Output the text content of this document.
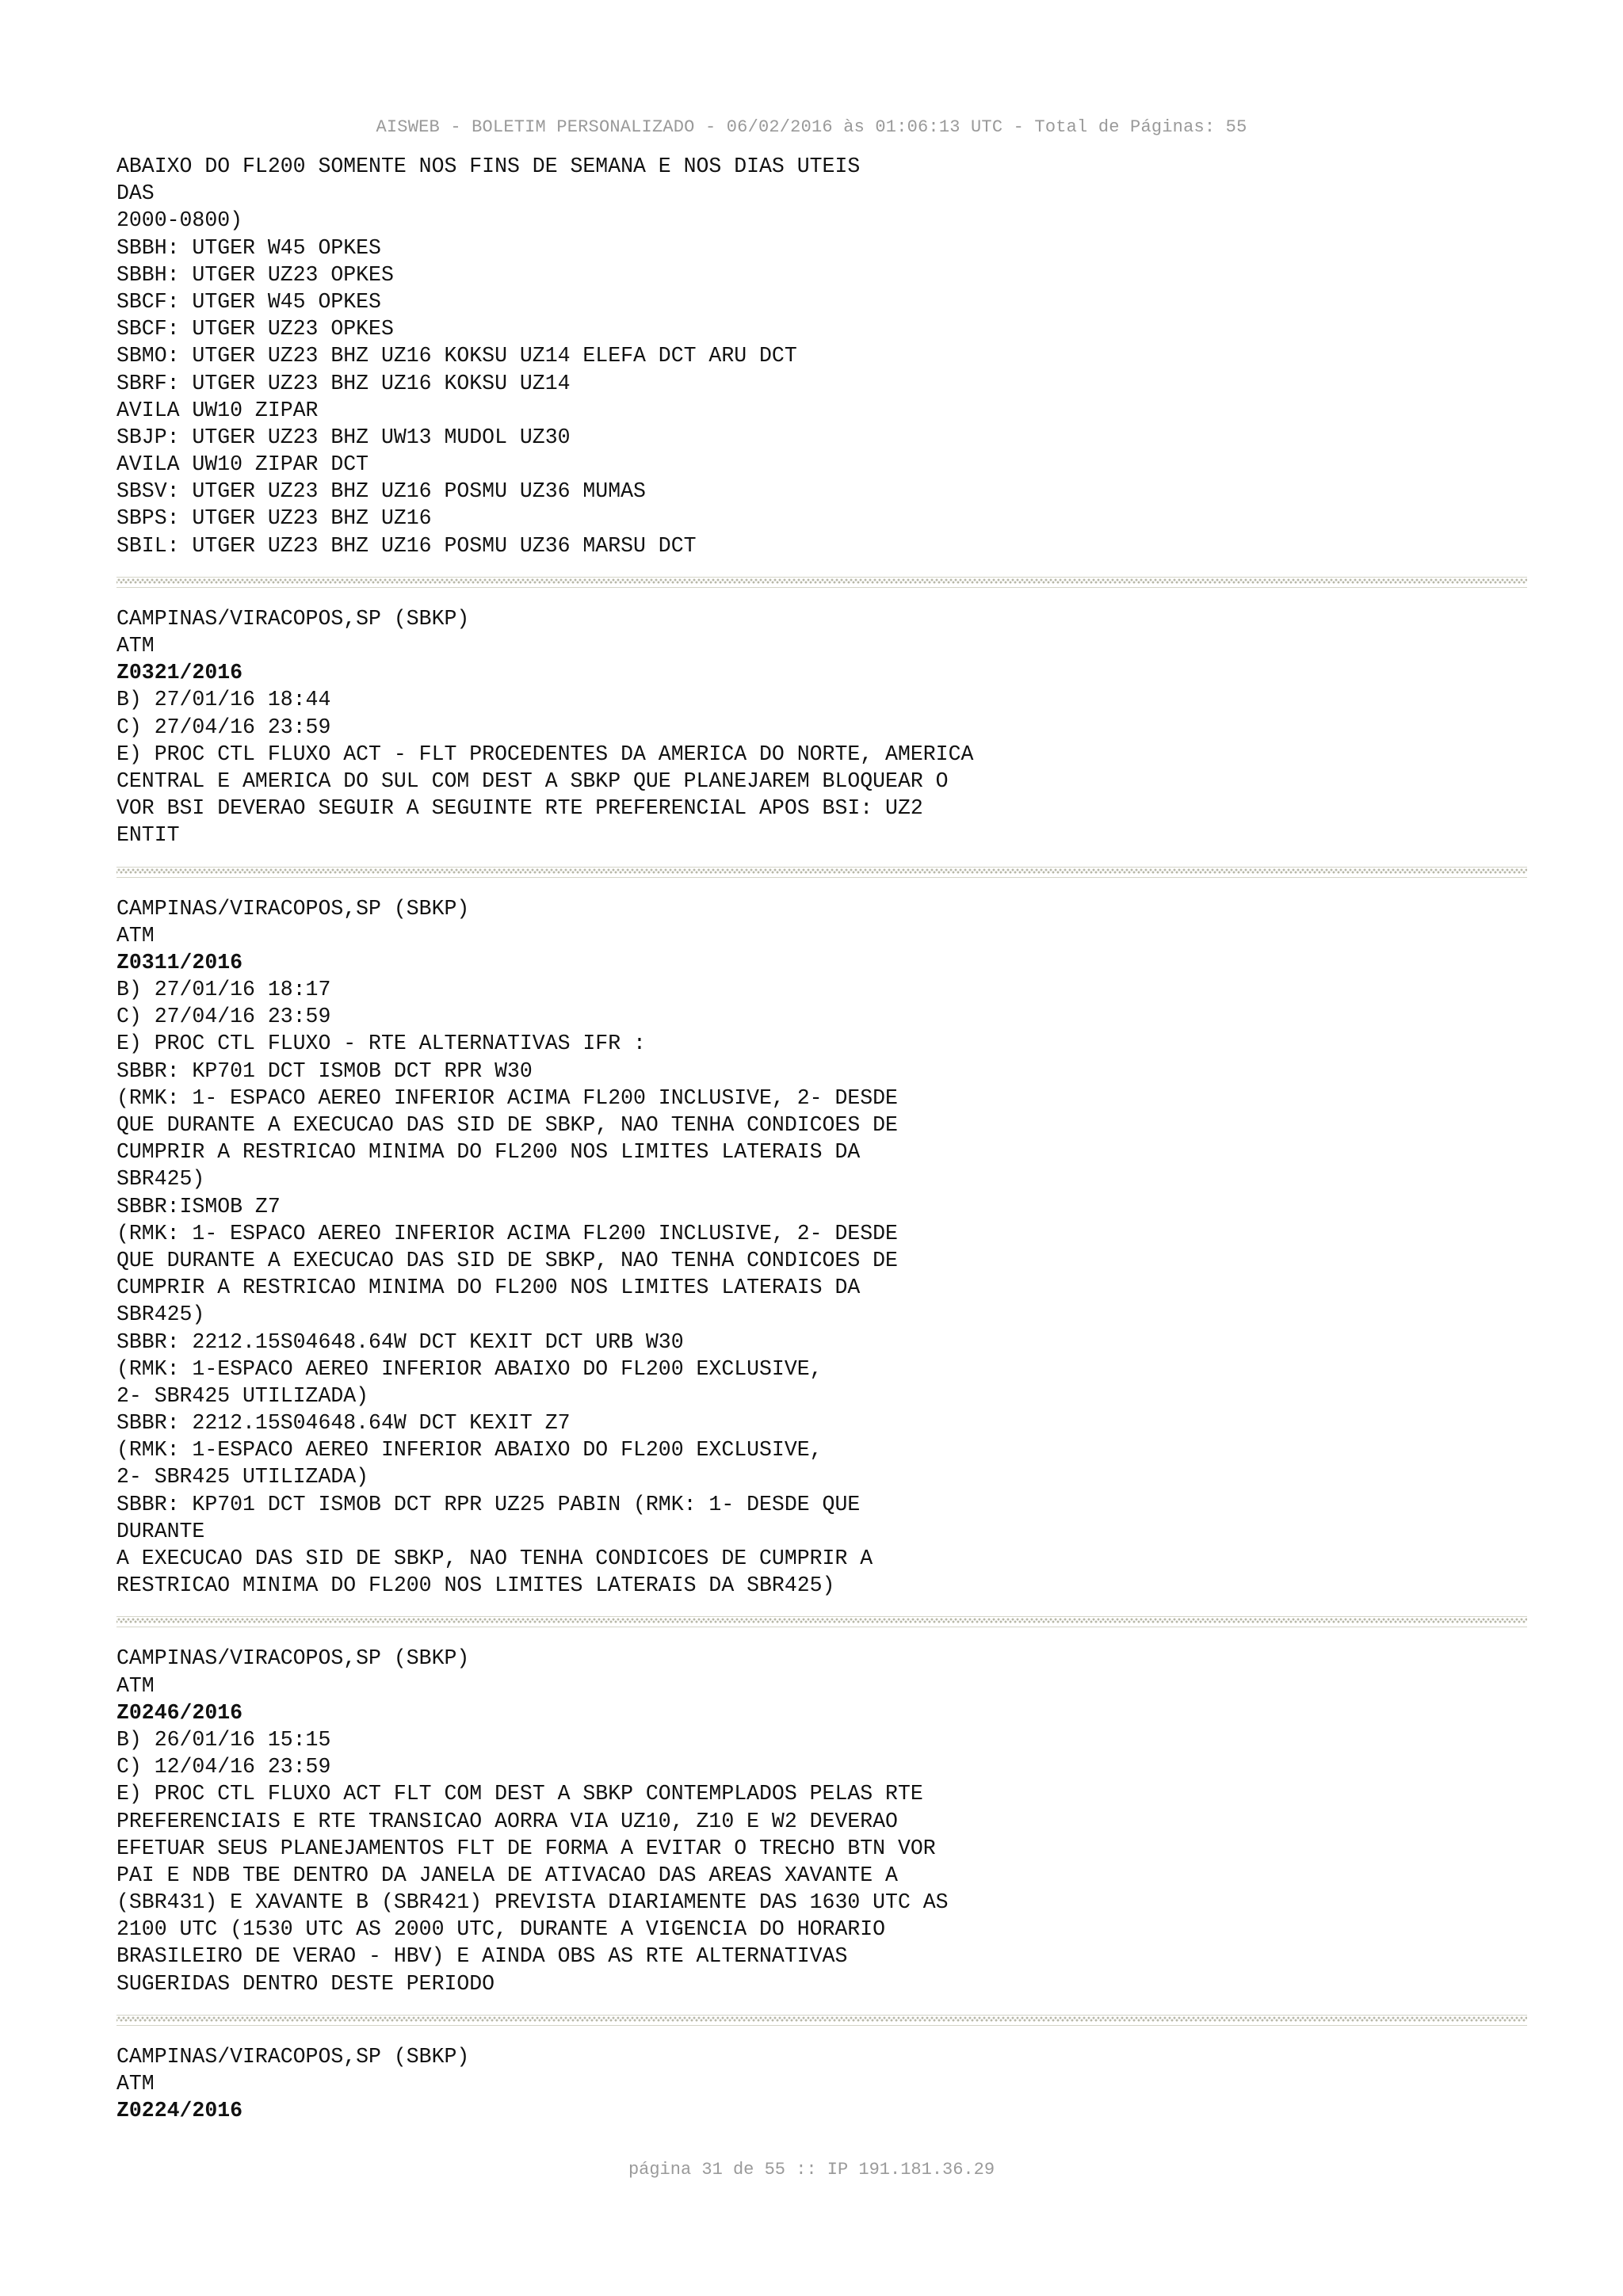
AISWEB - BOLETIM PERSONALIZADO - 06/02/2016 às 01:06:13 UTC - Total de Páginas: 55
ABAIXO DO FL200 SOMENTE NOS FINS DE SEMANA E NOS DIAS UTEIS
DAS
2000-0800)
SBBH: UTGER W45 OPKES
SBBH: UTGER UZ23 OPKES
SBCF: UTGER W45 OPKES
SBCF: UTGER UZ23 OPKES
SBMO: UTGER UZ23 BHZ UZ16 KOKSU UZ14 ELEFA DCT ARU DCT
SBRF: UTGER UZ23 BHZ UZ16 KOKSU UZ14
AVILA UW10 ZIPAR
SBJP: UTGER UZ23 BHZ UW13 MUDOL UZ30
AVILA UW10 ZIPAR DCT
SBSV: UTGER UZ23 BHZ UZ16 POSMU UZ36 MUMAS
SBPS: UTGER UZ23 BHZ UZ16
SBIL: UTGER UZ23 BHZ UZ16 POSMU UZ36 MARSU DCT
CAMPINAS/VIRACOPOS,SP (SBKP)
ATM
Z0321/2016
B) 27/01/16 18:44
C) 27/04/16 23:59
E) PROC CTL FLUXO ACT - FLT PROCEDENTES DA AMERICA DO NORTE, AMERICA
CENTRAL E AMERICA DO SUL COM DEST A SBKP QUE PLANEJAREM BLOQUEAR O
VOR BSI DEVERAO SEGUIR A SEGUINTE RTE PREFERENCIAL APOS BSI: UZ2
ENTIT
CAMPINAS/VIRACOPOS,SP (SBKP)
ATM
Z0311/2016
B) 27/01/16 18:17
C) 27/04/16 23:59
E) PROC CTL FLUXO - RTE ALTERNATIVAS IFR :
SBBR: KP701 DCT ISMOB DCT RPR W30
(RMK: 1- ESPACO AEREO INFERIOR ACIMA FL200 INCLUSIVE, 2- DESDE
QUE DURANTE A EXECUCAO DAS SID DE SBKP, NAO TENHA CONDICOES DE
CUMPRIR A RESTRICAO MINIMA DO FL200 NOS LIMITES LATERAIS DA
SBR425)
SBBR:ISMOB Z7
(RMK: 1- ESPACO AEREO INFERIOR ACIMA FL200 INCLUSIVE, 2- DESDE
QUE DURANTE A EXECUCAO DAS SID DE SBKP, NAO TENHA CONDICOES DE
CUMPRIR A RESTRICAO MINIMA DO FL200 NOS LIMITES LATERAIS DA
SBR425)
SBBR: 2212.15S04648.64W DCT KEXIT DCT URB W30
(RMK: 1-ESPACO AEREO INFERIOR ABAIXO DO FL200 EXCLUSIVE,
2- SBR425 UTILIZADA)
SBBR: 2212.15S04648.64W DCT KEXIT Z7
(RMK: 1-ESPACO AEREO INFERIOR ABAIXO DO FL200 EXCLUSIVE,
2- SBR425 UTILIZADA)
SBBR: KP701 DCT ISMOB DCT RPR UZ25 PABIN (RMK: 1- DESDE QUE
DURANTE
A EXECUCAO DAS SID DE SBKP, NAO TENHA CONDICOES DE CUMPRIR A
RESTRICAO MINIMA DO FL200 NOS LIMITES LATERAIS DA SBR425)
CAMPINAS/VIRACOPOS,SP (SBKP)
ATM
Z0246/2016
B) 26/01/16 15:15
C) 12/04/16 23:59
E) PROC CTL FLUXO ACT FLT COM DEST A SBKP CONTEMPLADOS PELAS RTE
PREFERENCIAIS E RTE TRANSICAO AORRA VIA UZ10, Z10 E W2 DEVERAO
EFETUAR SEUS PLANEJAMENTOS FLT DE FORMA A EVITAR O TRECHO BTN VOR
PAI E NDB TBE DENTRO DA JANELA DE ATIVACAO DAS AREAS XAVANTE A
(SBR431) E XAVANTE B (SBR421) PREVISTA DIARIAMENTE DAS 1630 UTC AS
2100 UTC (1530 UTC AS 2000 UTC, DURANTE A VIGENCIA DO HORARIO
BRASILEIRO DE VERAO - HBV) E AINDA OBS AS RTE ALTERNATIVAS
SUGERIDAS DENTRO DESTE PERIODO
CAMPINAS/VIRACOPOS,SP (SBKP)
ATM
Z0224/2016
página 31 de 55 :: IP 191.181.36.29
